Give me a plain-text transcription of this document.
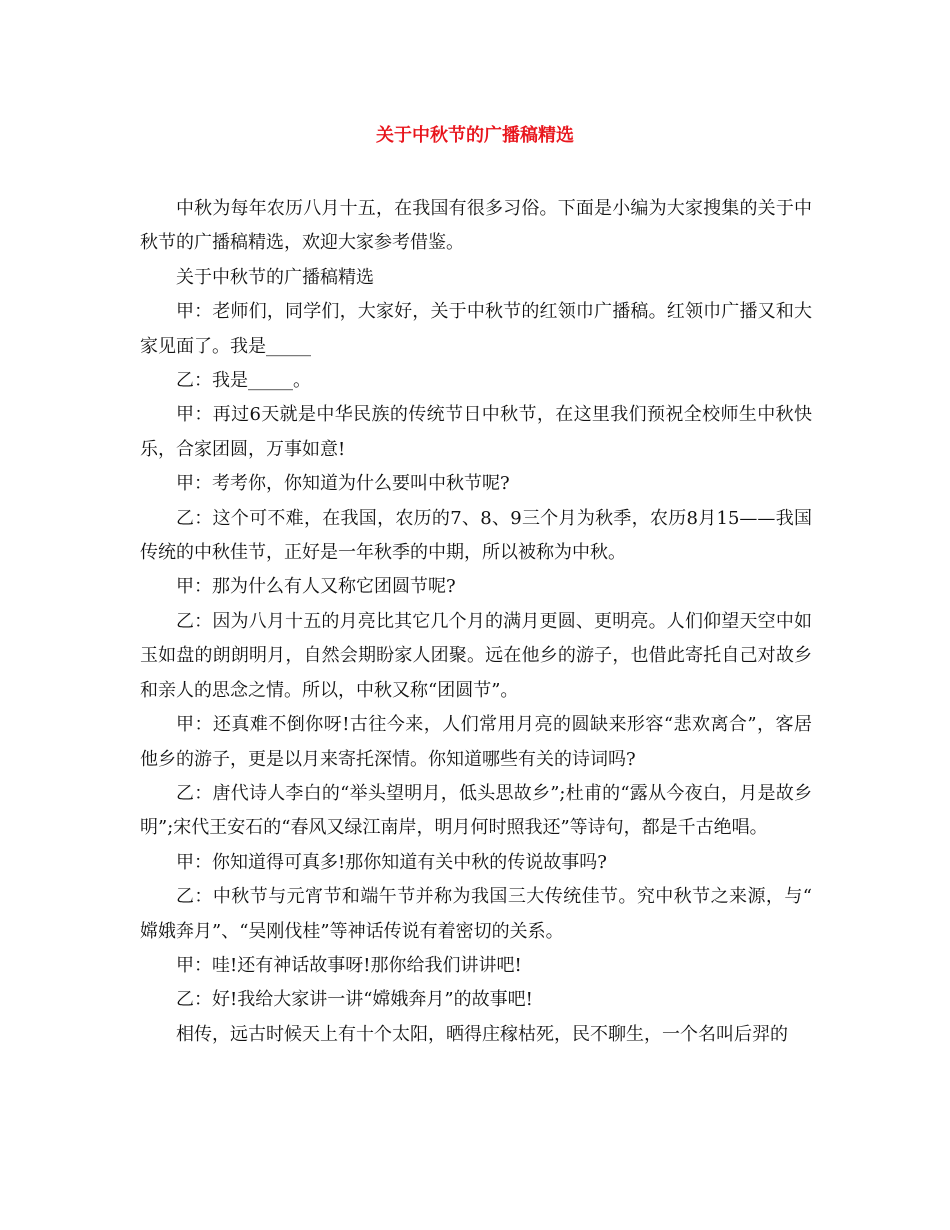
关于中秋节的广播稿精选

中秋为每年农历八月十五，在我国有很多习俗。下面是小编为大家搜集的关于中秋节的广播稿精选，欢迎大家参考借鉴。

关于中秋节的广播稿精选

甲：老师们，同学们，大家好，关于中秋节的红领巾广播稿。红领巾广播又和大家见面了。我是_____

乙：我是_____。

甲：再过6天就是中华民族的传统节日中秋节，在这里我们预祝全校师生中秋快乐，合家团圆，万事如意!

甲：考考你，你知道为什么要叫中秋节呢?

乙：这个可不难，在我国，农历的7、8、9三个月为秋季，农历8月15——我国传统的中秋佳节，正好是一年秋季的中期，所以被称为中秋。

甲：那为什么有人又称它团圆节呢?

乙：因为八月十五的月亮比其它几个月的满月更圆、更明亮。人们仰望天空中如玉如盘的朗朗明月，自然会期盼家人团聚。远在他乡的游子，也借此寄托自己对故乡和亲人的思念之情。所以，中秋又称“团圆节”。

甲：还真难不倒你呀!古往今来，人们常用月亮的圆缺来形容“悲欢离合”，客居他乡的游子，更是以月来寄托深情。你知道哪些有关的诗词吗?

乙：唐代诗人李白的“举头望明月，低头思故乡”;杜甫的“露从今夜白，月是故乡明”;宋代王安石的“春风又绿江南岸，明月何时照我还”等诗句，都是千古绝唱。

甲：你知道得可真多!那你知道有关中秋的传说故事吗?

乙：中秋节与元宵节和端午节并称为我国三大传统佳节。究中秋节之来源，与“嫦娥奔月”、“吴刚伐桂”等神话传说有着密切的关系。

甲：哇!还有神话故事呀!那你给我们讲讲吧!

乙：好!我给大家讲一讲“嫦娥奔月”的故事吧!

相传，远古时候天上有十个太阳，晒得庄稼枯死，民不聊生，一个名叫后羿的
